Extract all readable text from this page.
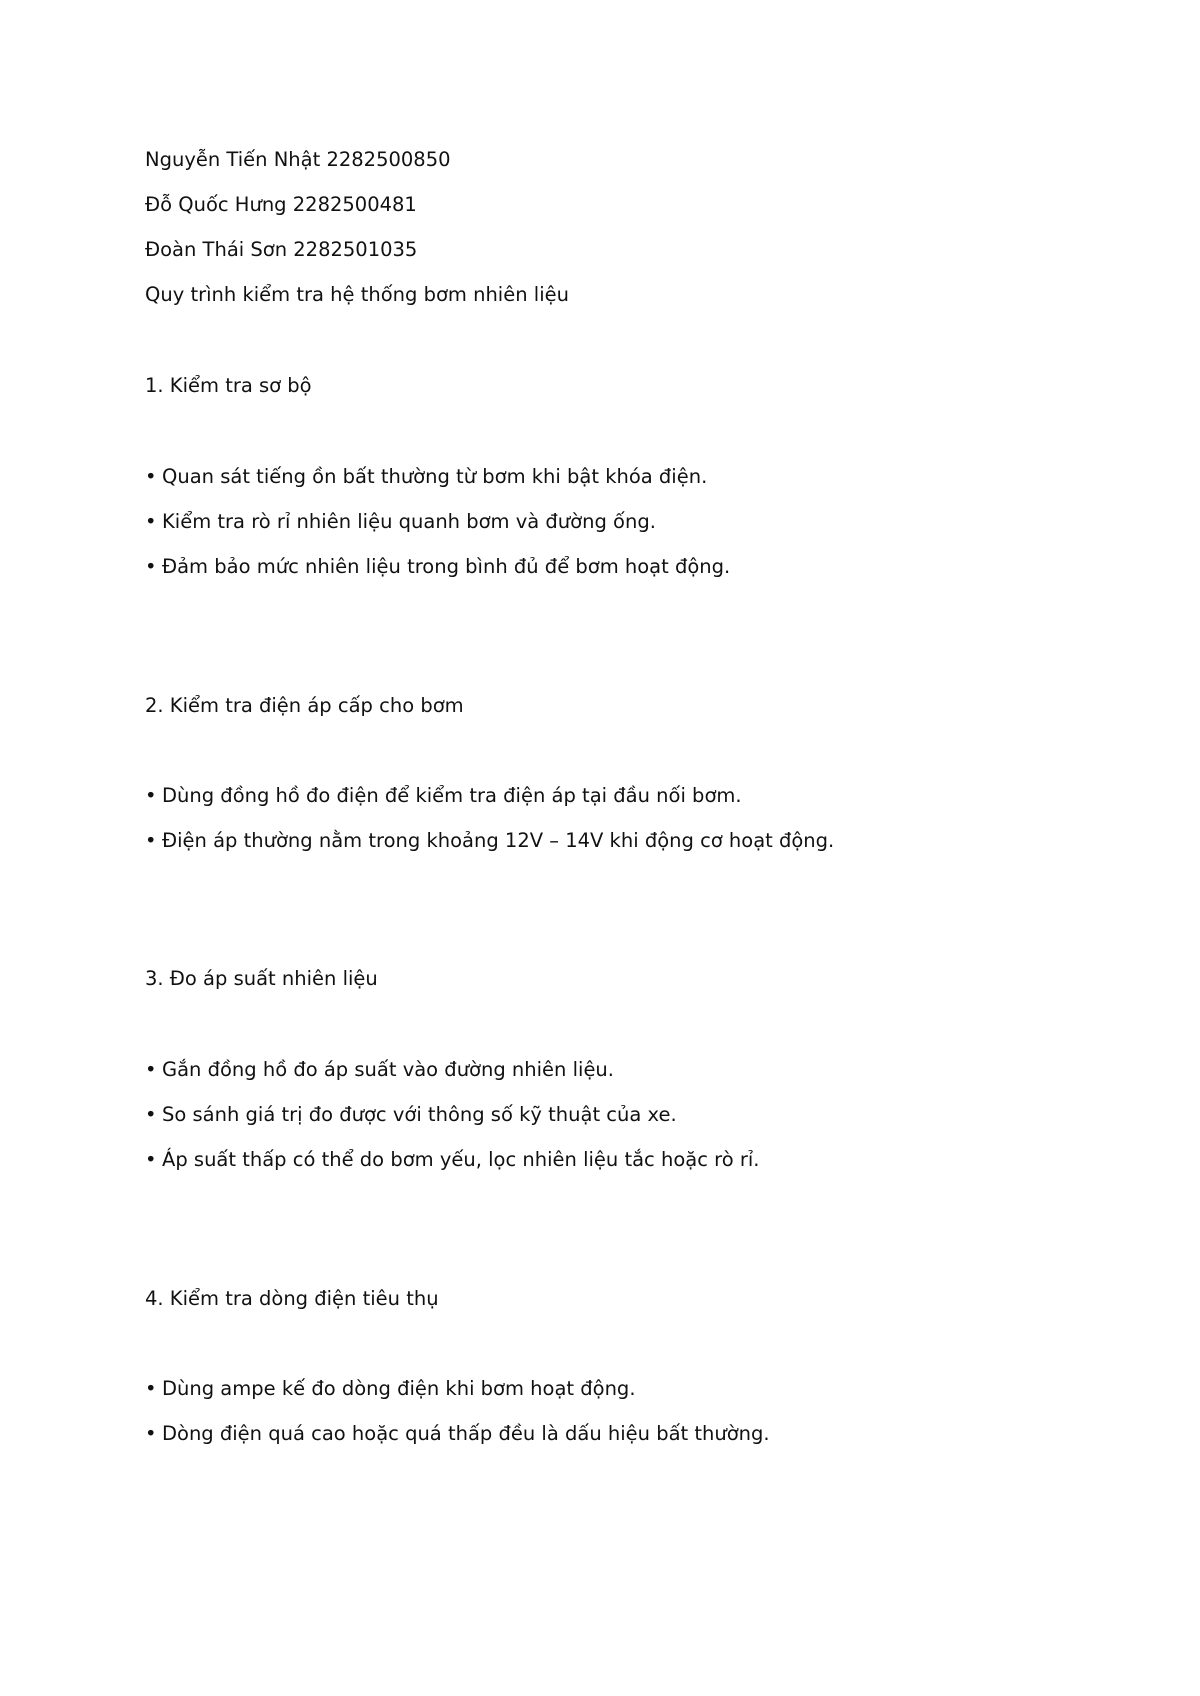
Nguyễn Tiến Nhật 2282500850
Đỗ Quốc Hưng 2282500481
Đoàn Thái Sơn 2282501035
Quy trình kiểm tra hệ thống bơm nhiên liệu
1. Kiểm tra sơ bộ
• Quan sát tiếng ồn bất thường từ bơm khi bật khóa điện.
• Kiểm tra rò rỉ nhiên liệu quanh bơm và đường ống.
• Đảm bảo mức nhiên liệu trong bình đủ để bơm hoạt động.
2. Kiểm tra điện áp cấp cho bơm
• Dùng đồng hồ đo điện để kiểm tra điện áp tại đầu nối bơm.
• Điện áp thường nằm trong khoảng 12V – 14V khi động cơ hoạt động.
3. Đo áp suất nhiên liệu
• Gắn đồng hồ đo áp suất vào đường nhiên liệu.
• So sánh giá trị đo được với thông số kỹ thuật của xe.
• Áp suất thấp có thể do bơm yếu, lọc nhiên liệu tắc hoặc rò rỉ.
4. Kiểm tra dòng điện tiêu thụ
• Dùng ampe kế đo dòng điện khi bơm hoạt động.
• Dòng điện quá cao hoặc quá thấp đều là dấu hiệu bất thường.
